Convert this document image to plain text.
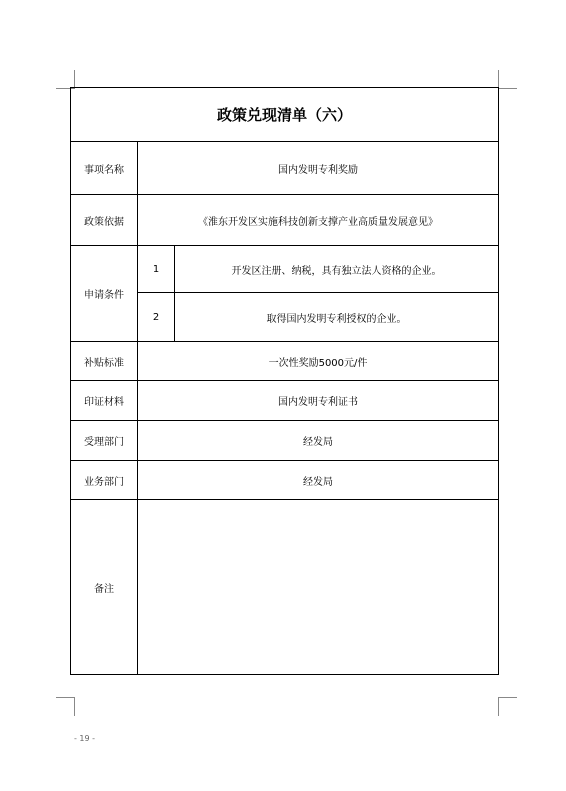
政策兑现清单（六）
事项名称	国内发明专利奖励
政策依据	《淮东开发区实施科技创新支撑产业高质量发展意见》
申请条件
1	开发区注册、纳税，具有独立法人资格的企业。
2	取得国内发明专利授权的企业。
补贴标准	一次性奖励5000元/件
印证材料	国内发明专利证书
受理部门	经发局
业务部门	经发局
备注
- 19 -
